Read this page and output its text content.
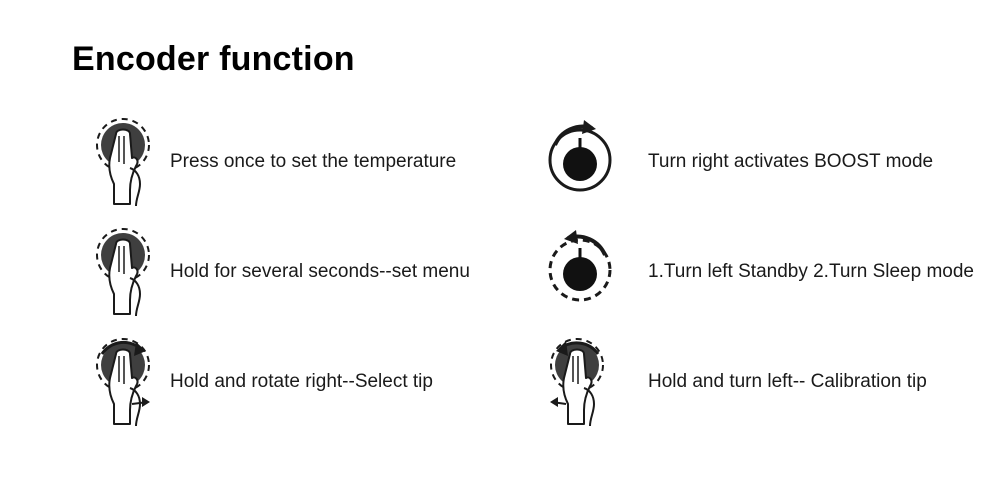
Encoder function
Press once to set the temperature
Hold for several seconds--set menu
Hold and rotate right--Select tip
Turn right activates BOOST mode
1.Turn left Standby 2.Turn Sleep mode
Hold and turn left-- Calibration tip
